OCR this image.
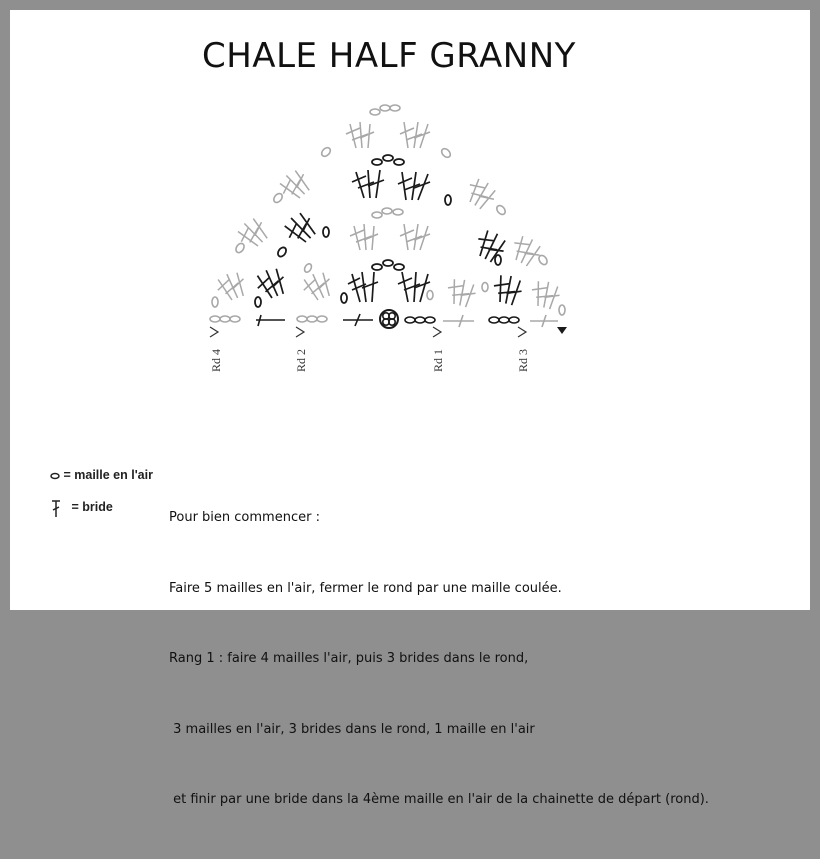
CHALE HALF GRANNY
Rd 4	Rd 2	Rd 1	Rd 3
= maille en l'air
= bride

Pour bien commencer :

Faire 5 mailles en l'air, fermer le rond par une maille coulée.

Rang 1 : faire 4 mailles l'air, puis 3 brides dans le rond,

3 mailles en l'air, 3 brides dans le rond, 1 maille en l'air

et finir par une bride dans la 4ème maille en l'air de la chainette de départ (rond).
